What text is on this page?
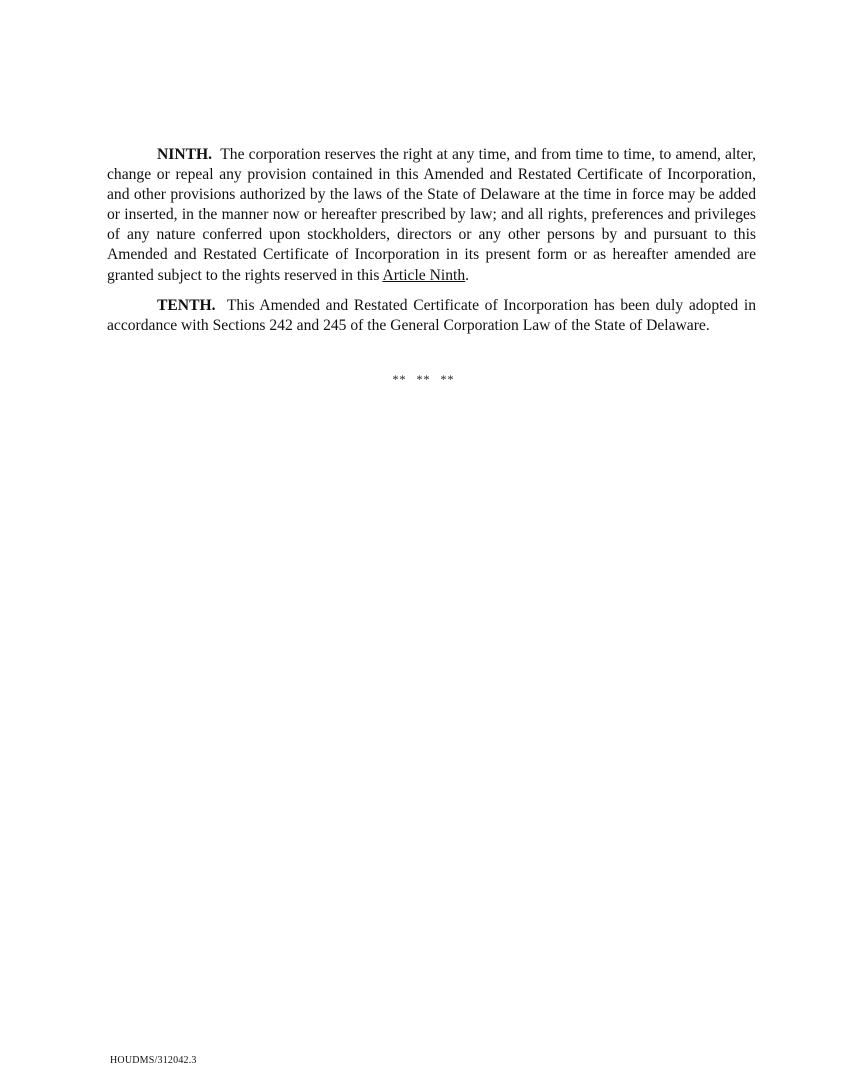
NINTH. The corporation reserves the right at any time, and from time to time, to amend, alter, change or repeal any provision contained in this Amended and Restated Certificate of Incorporation, and other provisions authorized by the laws of the State of Delaware at the time in force may be added or inserted, in the manner now or hereafter prescribed by law; and all rights, preferences and privileges of any nature conferred upon stockholders, directors or any other persons by and pursuant to this Amended and Restated Certificate of Incorporation in its present form or as hereafter amended are granted subject to the rights reserved in this Article Ninth.

TENTH. This Amended and Restated Certificate of Incorporation has been duly adopted in accordance with Sections 242 and 245 of the General Corporation Law of the State of Delaware.

** ** **
HOUDMS/312042.3
